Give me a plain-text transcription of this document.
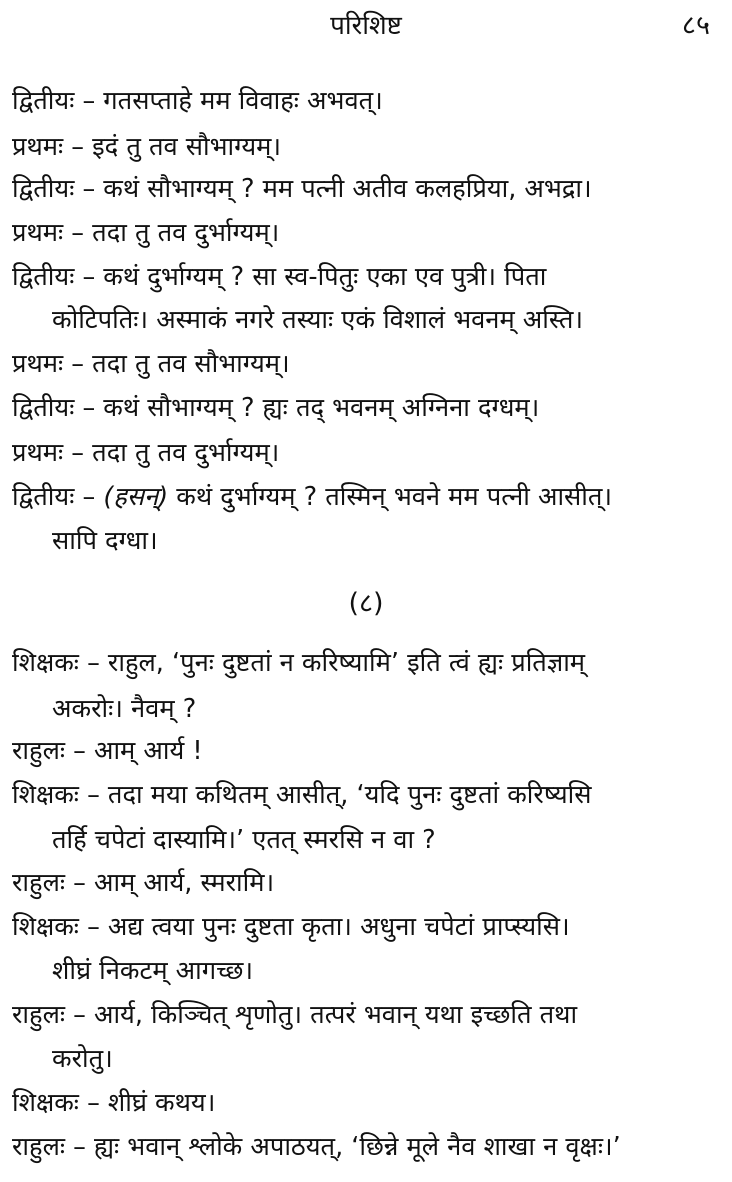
परिशिष्ट	८५
द्वितीयः – गतसप्ताहे मम विवाहः अभवत्।
प्रथमः – इदं तु तव सौभाग्यम्।
द्वितीयः – कथं सौभाग्यम् ? मम पत्नी अतीव कलहप्रिया, अभद्रा।
प्रथमः – तदा तु तव दुर्भाग्यम्।
द्वितीयः – कथं दुर्भाग्यम् ? सा स्व-पितुः एका एव पुत्री। पिता
कोटिपतिः। अस्माकं नगरे तस्याः एकं विशालं भवनम् अस्ति।
प्रथमः – तदा तु तव सौभाग्यम्।
द्वितीयः – कथं सौभाग्यम् ? ह्यः तद् भवनम् अग्निना दग्धम्।
प्रथमः – तदा तु तव दुर्भाग्यम्।
द्वितीयः – (हसन्) कथं दुर्भाग्यम् ? तस्मिन् भवने मम पत्नी आसीत्।
सापि दग्धा।
(८)
शिक्षकः – राहुल, ‘पुनः दुष्टतां न करिष्यामि’ इति त्वं ह्यः प्रतिज्ञाम्
अकरोः। नैवम् ?
राहुलः – आम् आर्य !
शिक्षकः – तदा मया कथितम् आसीत्, ‘यदि पुनः दुष्टतां करिष्यसि
तर्हि चपेटां दास्यामि।’ एतत् स्मरसि न वा ?
राहुलः – आम् आर्य, स्मरामि।
शिक्षकः – अद्य त्वया पुनः दुष्टता कृता। अधुना चपेटां प्राप्स्यसि।
शीघ्रं निकटम् आगच्छ।
राहुलः – आर्य, किञ्चित् शृणोतु। तत्परं भवान् यथा इच्छति तथा
करोतु।
शिक्षकः – शीघ्रं कथय।
राहुलः – ह्यः भवान् श्लोके अपाठयत्, ‘छिन्ने मूले नैव शाखा न वृक्षः।’
